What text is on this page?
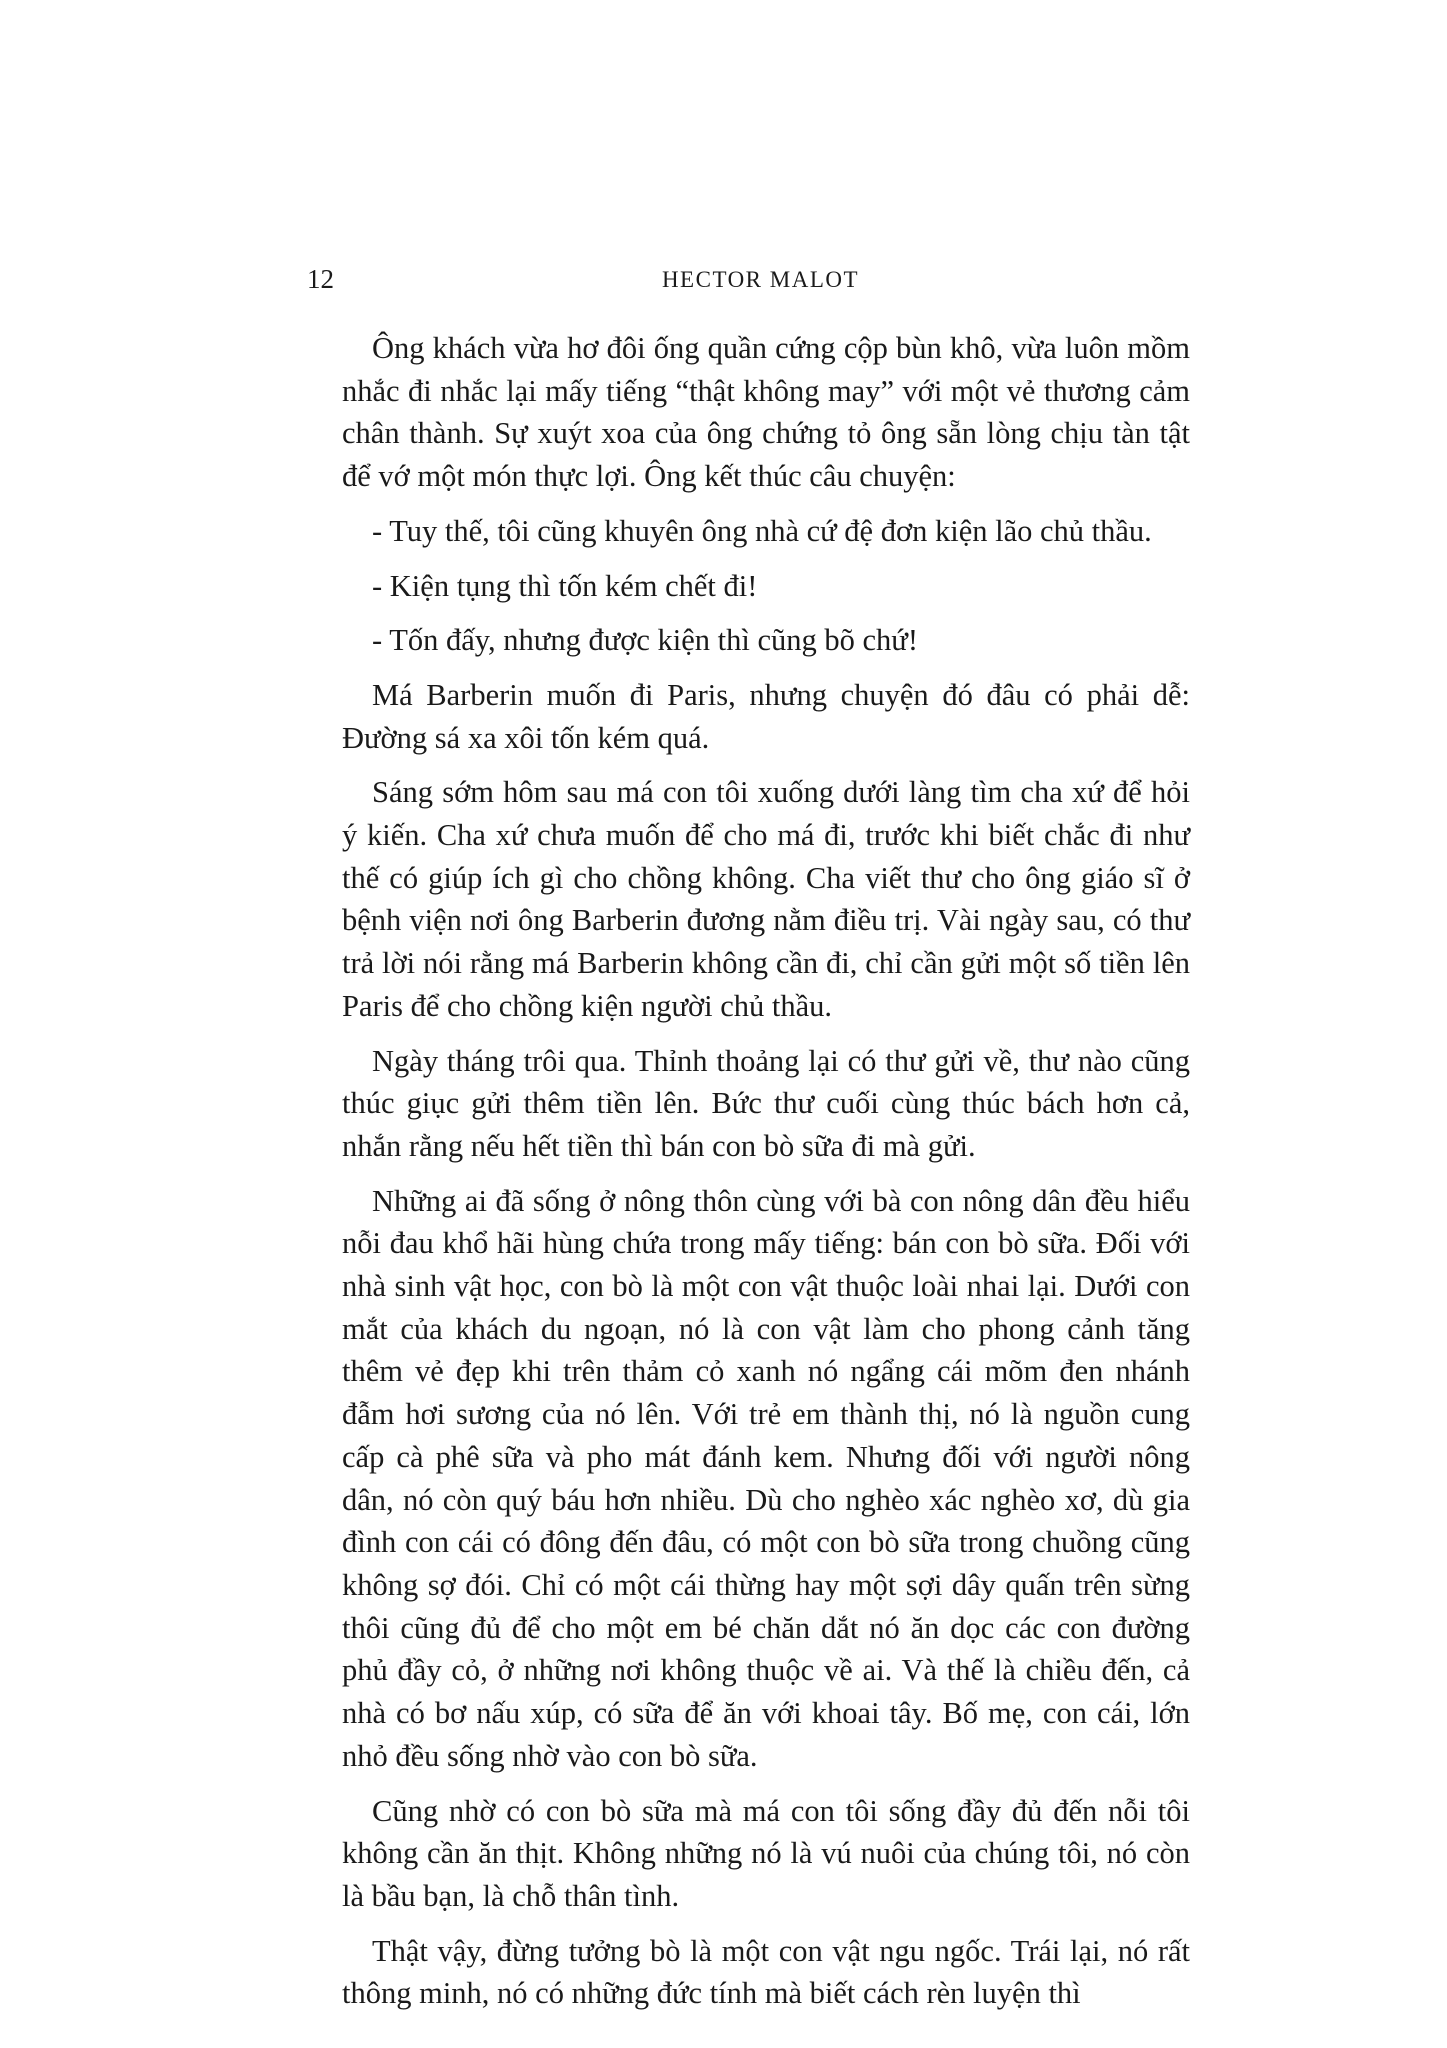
12	HECTOR MALOT

Ông khách vừa hơ đôi ống quần cứng cộp bùn khô, vừa luôn mồm nhắc đi nhắc lại mấy tiếng “thật không may” với một vẻ thương cảm chân thành. Sự xuýt xoa của ông chứng tỏ ông sẵn lòng chịu tàn tật để vớ một món thực lợi. Ông kết thúc câu chuyện:

- Tuy thế, tôi cũng khuyên ông nhà cứ đệ đơn kiện lão chủ thầu.

- Kiện tụng thì tốn kém chết đi!

- Tốn đấy, nhưng được kiện thì cũng bõ chứ!

Má Barberin muốn đi Paris, nhưng chuyện đó đâu có phải dễ: Đường sá xa xôi tốn kém quá.

Sáng sớm hôm sau má con tôi xuống dưới làng tìm cha xứ để hỏi ý kiến. Cha xứ chưa muốn để cho má đi, trước khi biết chắc đi như thế có giúp ích gì cho chồng không. Cha viết thư cho ông giáo sĩ ở bệnh viện nơi ông Barberin đương nằm điều trị. Vài ngày sau, có thư trả lời nói rằng má Barberin không cần đi, chỉ cần gửi một số tiền lên Paris để cho chồng kiện người chủ thầu.

Ngày tháng trôi qua. Thỉnh thoảng lại có thư gửi về, thư nào cũng thúc giục gửi thêm tiền lên. Bức thư cuối cùng thúc bách hơn cả, nhắn rằng nếu hết tiền thì bán con bò sữa đi mà gửi.

Những ai đã sống ở nông thôn cùng với bà con nông dân đều hiểu nỗi đau khổ hãi hùng chứa trong mấy tiếng: bán con bò sữa. Đối với nhà sinh vật học, con bò là một con vật thuộc loài nhai lại. Dưới con mắt của khách du ngoạn, nó là con vật làm cho phong cảnh tăng thêm vẻ đẹp khi trên thảm cỏ xanh nó ngẩng cái mõm đen nhánh đẫm hơi sương của nó lên. Với trẻ em thành thị, nó là nguồn cung cấp cà phê sữa và pho mát đánh kem. Nhưng đối với người nông dân, nó còn quý báu hơn nhiều. Dù cho nghèo xác nghèo xơ, dù gia đình con cái có đông đến đâu, có một con bò sữa trong chuồng cũng không sợ đói. Chỉ có một cái thừng hay một sợi dây quấn trên sừng thôi cũng đủ để cho một em bé chăn dắt nó ăn dọc các con đường phủ đầy cỏ, ở những nơi không thuộc về ai. Và thế là chiều đến, cả nhà có bơ nấu xúp, có sữa để ăn với khoai tây. Bố mẹ, con cái, lớn nhỏ đều sống nhờ vào con bò sữa.

Cũng nhờ có con bò sữa mà má con tôi sống đầy đủ đến nỗi tôi không cần ăn thịt. Không những nó là vú nuôi của chúng tôi, nó còn là bầu bạn, là chỗ thân tình.

Thật vậy, đừng tưởng bò là một con vật ngu ngốc. Trái lại, nó rất thông minh, nó có những đức tính mà biết cách rèn luyện thì
